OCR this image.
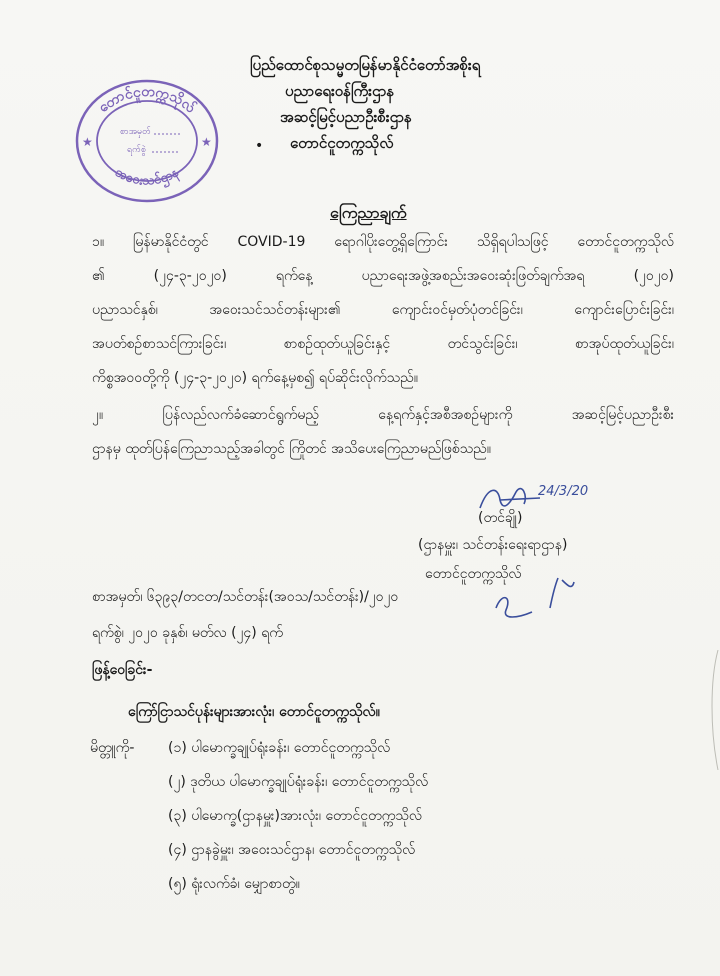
တောင်ငူတက္ကသိုလ်
အဝေးသင်ဌာန
စာအမှတ်
ရက်စွဲ
★	★
ပြည်ထောင်စုသမ္မတမြန်မာနိုင်ငံတော်အစိုးရ
ပညာရေးဝန်ကြီးဌာန
အဆင့်မြင့်ပညာဦးစီးဌာန
• တောင်ငူတက္ကသိုလ်
ကြေညာချက်
၁။ မြန်မာနိုင်ငံတွင် COVID-19 ရောဂါပိုးတွေ့ရှိကြောင်း သိရှိရပါသဖြင့် တောင်ငူတက္ကသိုလ်
၏ (၂၄-၃-၂၀၂၀) ရက်နေ့ ပညာရေးအဖွဲ့အစည်းအဝေးဆုံးဖြတ်ချက်အရ (၂၀၂၀)
ပညာသင်နှစ်၊ အဝေးသင်သင်တန်းများ၏ ကျောင်းဝင်မှတ်ပုံတင်ခြင်း၊ ကျောင်းပြောင်းခြင်း၊
အပတ်စဉ်စာသင်ကြားခြင်း၊ စာစဉ်ထုတ်ယူခြင်းနှင့် တင်သွင်းခြင်း၊ စာအုပ်ထုတ်ယူခြင်း၊
ကိစ္စအဝဝတို့ကို (၂၄-၃-၂၀၂၀) ရက်နေ့မှစ၍ ရပ်ဆိုင်းလိုက်သည်။
၂။ ပြန်လည်လက်ခံဆောင်ရွက်မည့် နေ့ရက်နှင့်အစီအစဉ်များကို အဆင့်မြင့်ပညာဦးစီး
ဌာနမှ ထုတ်ပြန်ကြေညာသည့်အခါတွင် ကြိုတင် အသိပေးကြေညာမည်ဖြစ်သည်။
24/3/20
(တင်ချို)
(ဌာနမှူး၊ သင်တန်းရေးရာဌာန)
တောင်ငူတက္ကသိုလ်
စာအမှတ်၊ ၆၃၉၃/တငတ/သင်တန်း(အဝသ/သင်တန်း)/၂၀၂၀
ရက်စွဲ၊ ၂၀၂၀ ခုနှစ်၊ မတ်လ (၂၄) ရက်
ဖြန့်ဝေခြင်း-
ကြော်ငြာသင်ပုန်းများအားလုံး၊ တောင်ငူတက္ကသိုလ်။
မိတ္တူကို- (၁) ပါမောက္ခချုပ်ရုံးခန်း၊ တောင်ငူတက္ကသိုလ်
(၂) ဒုတိယ ပါမောက္ခချုပ်ရုံးခန်း၊ တောင်ငူတက္ကသိုလ်
(၃) ပါမောက္ခ(ဌာနမှူး)အားလုံး၊ တောင်ငူတက္ကသိုလ်
(၄) ဌာနခွဲမှူး၊ အဝေးသင်ဌာန၊ တောင်ငူတက္ကသိုလ်
(၅) ရုံးလက်ခံ၊ မျှောစာတွဲ။
